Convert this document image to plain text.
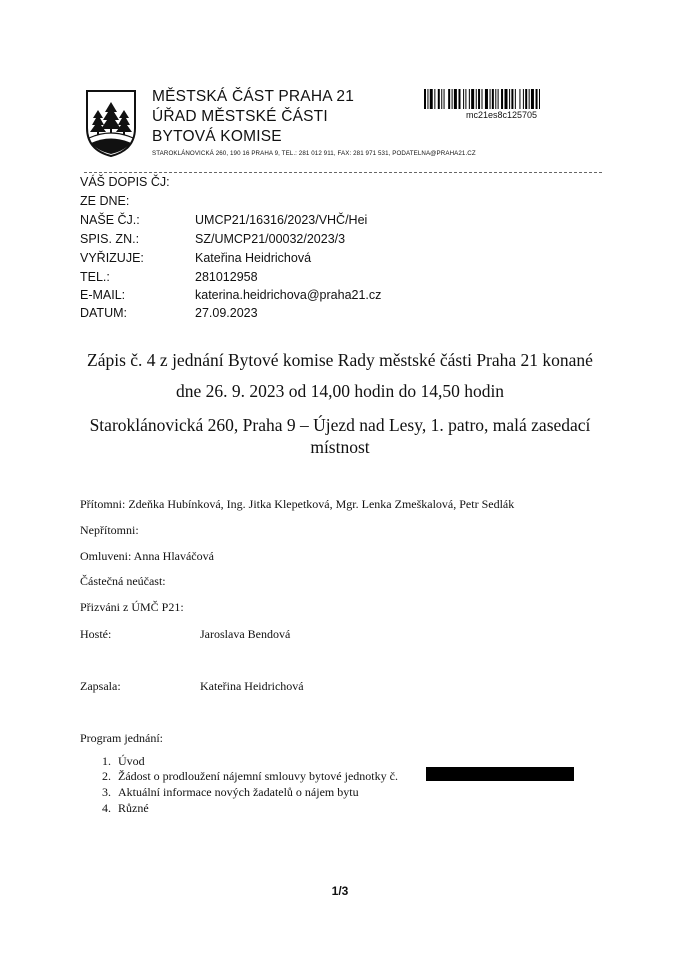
MĚSTSKÁ ČÁST PRAHA 21
ÚŘAD MĚSTSKÉ ČÁSTI
BYTOVÁ KOMISE
STAROKLÁNOVICKÁ 260, 190 16 PRAHA 9, TEL.: 281 012 911, FAX: 281 971 531, PODATELNA@PRAHA21.CZ
mc21es8c125705
VÁŠ DOPIS ČJ:
ZE DNE:
NAŠE ČJ.:	UMCP21/16316/2023/VHČ/Hei
SPIS. ZN.:	SZ/UMCP21/00032/2023/3
VYŘIZUJE:	Kateřina Heidrichová
TEL.:	281012958
E-MAIL:	katerina.heidrichova@praha21.cz
DATUM:	27.09.2023
Zápis č. 4 z jednání Bytové komise Rady městské části Praha 21 konané
dne 26. 9. 2023 od 14,00 hodin do 14,50 hodin
Staroklánovická 260, Praha 9 – Újezd nad Lesy, 1. patro, malá zasedací
místnost
Přítomni: Zdeňka Hubínková, Ing. Jitka Klepetková, Mgr. Lenka Zmeškalová, Petr Sedlák
Nepřítomni:
Omluveni: Anna Hlaváčová
Částečná neúčast:
Přizváni z ÚMČ P21:
Hosté:	Jaroslava Bendová
Zapsala:	Kateřina Heidrichová
Program jednání:
1. Úvod
2. Žádost o prodloužení nájemní smlouvy bytové jednotky č.
3. Aktuální informace nových žadatelů o nájem bytu
4. Různé
1/3
